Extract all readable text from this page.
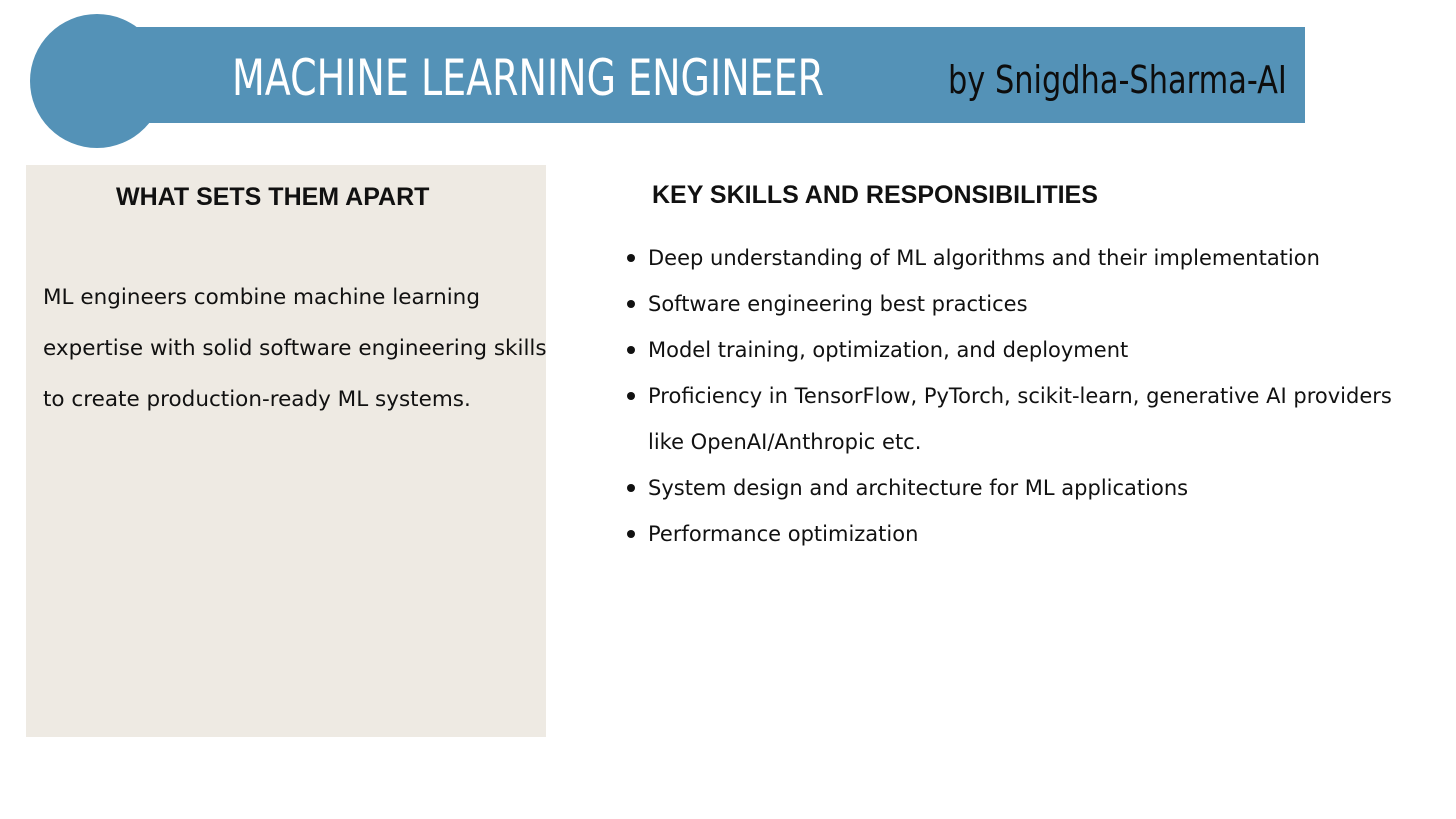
MACHINE LEARNING ENGINEER	by Snigdha-Sharma-AI
WHAT SETS THEM APART
ML engineers combine machine learning expertise with solid software engineering skills to create production-ready ML systems.
KEY SKILLS AND RESPONSIBILITIES
Deep understanding of ML algorithms and their implementation
Software engineering best practices
Model training, optimization, and deployment
Proficiency in TensorFlow, PyTorch, scikit-learn, generative AI providers like OpenAI/Anthropic etc.
System design and architecture for ML applications
Performance optimization
